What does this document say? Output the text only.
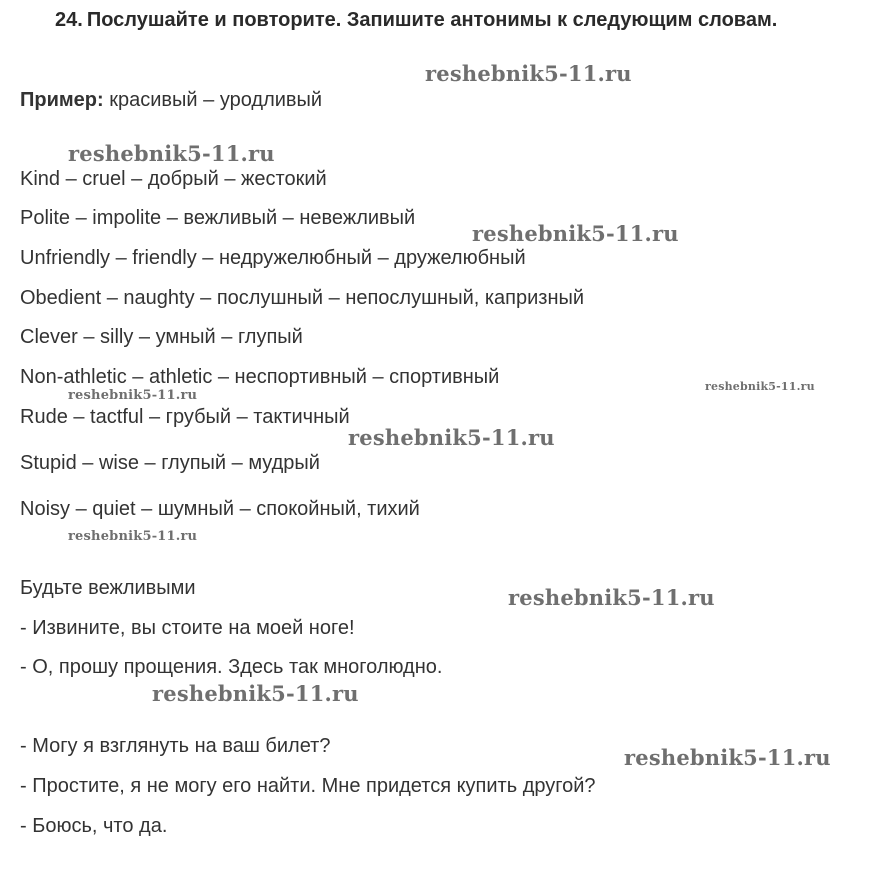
24. Послушайте и повторите. Запишите антонимы к следующим словам.
Пример: красивый – уродливый
Kind – cruel – добрый – жестокий
Polite – impolite – вежливый – невежливый
Unfriendly – friendly – недружелюбный – дружелюбный
Obedient – naughty – послушный – непослушный, капризный
Clever – silly – умный – глупый
Non-athletic – athletic – неспортивный – спортивный
Rude – tactful – грубый – тактичный
Stupid – wise – глупый – мудрый
Noisy – quiet – шумный – спокойный, тихий
Будьте вежливыми
- Извините, вы стоите на моей ноге!
- О, прошу прощения. Здесь так многолюдно.
- Могу я взглянуть на ваш билет?
- Простите, я не могу его найти. Мне придется купить другой?
- Боюсь, что да.
reshebnik5-11.ru
reshebnik5-11.ru
reshebnik5-11.ru
reshebnik5-11.ru
reshebnik5-11.ru
reshebnik5-11.ru
reshebnik5-11.ru
reshebnik5-11.ru
reshebnik5-11.ru
reshebnik5-11.ru
